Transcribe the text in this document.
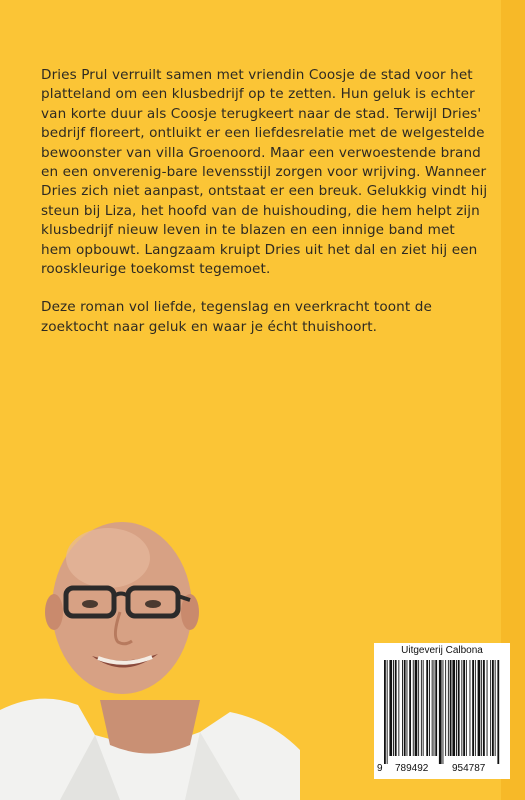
Dries Prul verruilt samen met vriendin Coosje de stad voor het platteland om een klusbedrijf op te zetten. Hun geluk is echter van korte duur als Coosje terugkeert naar de stad. Terwijl Dries' bedrijf floreert, ontluikt er een liefdesrelatie met de welgestelde bewoonster van villa Groenoord. Maar een verwoestende brand en een onverenig-bare levensstijl zorgen voor wrijving. Wanneer Dries zich niet aanpast, ontstaat er een breuk. Gelukkig vindt hij steun bij Liza, het hoofd van de huishouding, die hem helpt zijn klusbedrijf nieuw leven in te blazen en een innige band met hem opbouwt. Langzaam kruipt Dries uit het dal en ziet hij een rooskleurige toekomst tegemoet.

Deze roman vol liefde, tegenslag en veerkracht toont de zoektocht naar geluk en waar je écht thuishoort.

Uitgeverij Calbona
9 789492 954787
